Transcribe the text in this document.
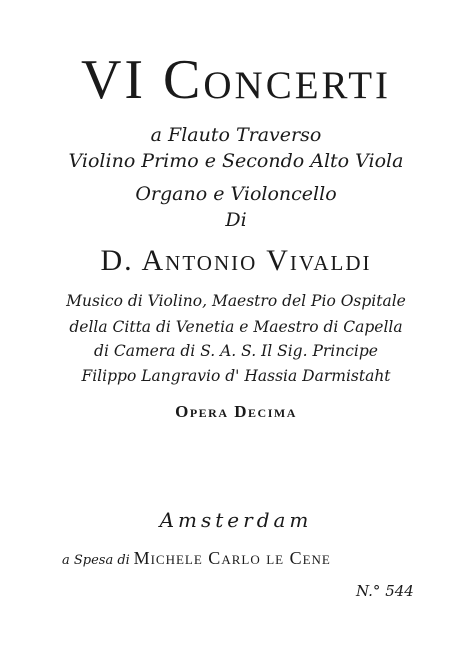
VI Concerti
a Flauto Traverso
Violino Primo e Secondo Alto Viola
Organo e Violoncello
Di
D. Antonio Vivaldi
Musico di Violino, Maestro del Pio Ospitale
della Citta di Venetia e Maestro di Capella
di Camera di S. A. S. Il Sig. Principe
Filippo Langravio d' Hassia Darmistaht
Opera Decima
Amsterdam
a Spesa di Michele Carlo le Cene
N.° 544
